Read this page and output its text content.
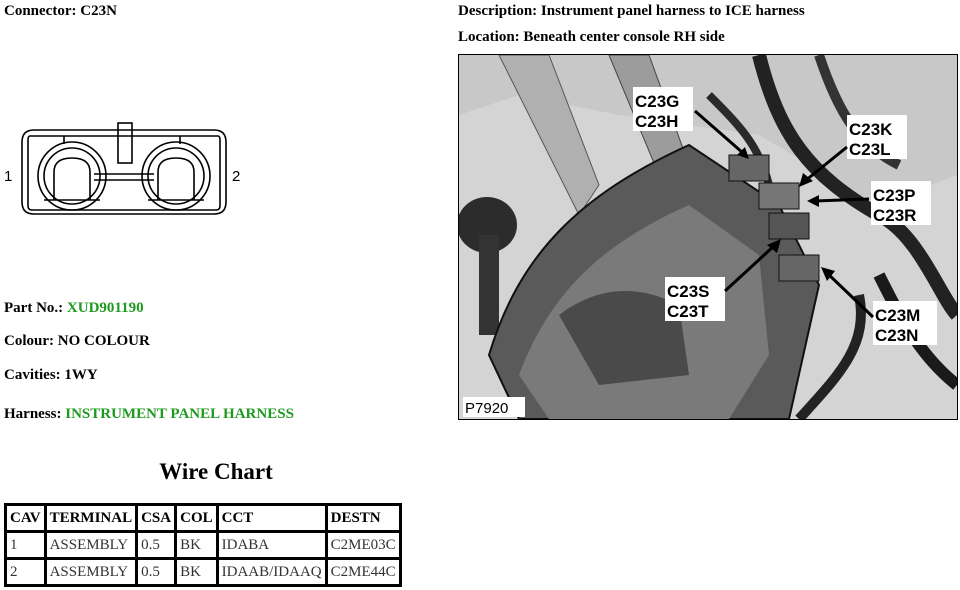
Connector: C23N	Description: Instrument panel harness to ICE harness
Location: Beneath center console RH side
1	2
Part No.: XUD901190
Colour: NO COLOUR
Cavities: 1WY
Harness: INSTRUMENT PANEL HARNESS
C23G
C23H	C23K
C23L
C23P
C23R
C23S
C23T	C23M
C23N
P7920
Wire Chart
CAV	TERMINAL	CSA	COL	CCT	DESTN
1	ASSEMBLY	0.5	BK	IDABA	C2ME03C
2	ASSEMBLY	0.5	BK	IDAAB/IDAAQ	C2ME44C
